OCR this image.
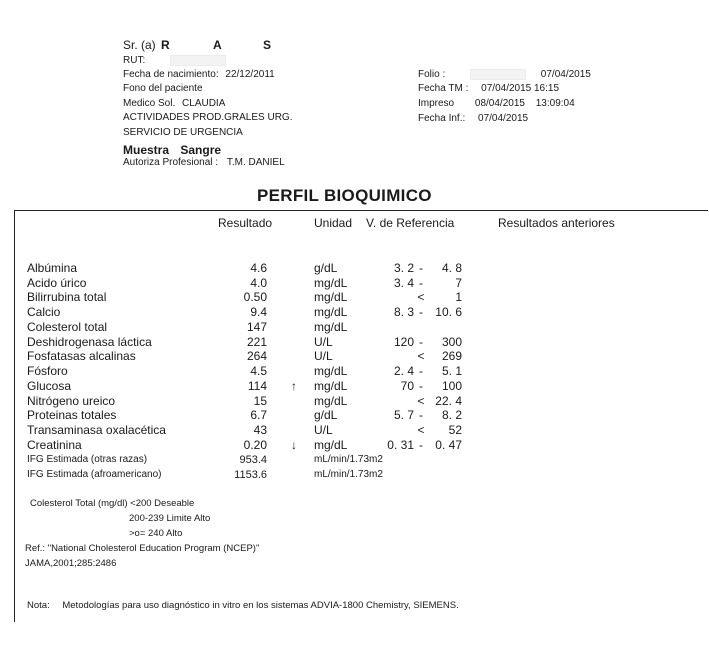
Sr. (a) R	A	S
RUT:
Fecha de nacimiento: 22/12/2011
Fono del paciente
Medico Sol. CLAUDIA
ACTIVIDADES PROD.GRALES URG.
SERVICIO DE URGENCIA
Muestra Sangre
Autoriza Profesional : T.M. DANIEL
Folio :	07/04/2015
Fecha TM : 07/04/2015 16:15
Impreso 08/04/2015 13:09:04
Fecha Inf.: 07/04/2015
PERFIL BIOQUIMICO
Resultado	Unidad V. de Referencia	Resultados anteriores
Albúmina	4.6	g/dL	3. 2 -	4. 8
Acido úrico	4.0	mg/dL	3. 4 -	7
Bilirrubina total	0.50	mg/dL	<	1
Calcio	9.4	mg/dL	8. 3 -	10. 6
Colesterol total	147	mg/dL
Deshidrogenasa láctica	221	U/L	120 -	300
Fosfatasas alcalinas	264	U/L	<	269
Fósforo	4.5	mg/dL	2. 4 -	5. 1
Glucosa	114	↑	mg/dL	70 -	100
Nitrógeno ureico	15	mg/dL	< 22. 4
Proteinas totales	6.7	g/dL	5. 7 -	8. 2
Transaminasa oxalacética	43	U/L	<	52
Creatinina	0.20	↓	mg/dL	0. 31 -	0. 47
IFG Estimada (otras razas)	953.4	mL/min/1.73m2
IFG Estimada (afroamericano)	1153.6	mL/min/1.73m2
Colesterol Total (mg/dl) <200 Deseable
200-239 Limite Alto
>o= 240 Alto
Ref.: "National Cholesterol Education Program (NCEP)"
JAMA,2001;285:2486
Nota: Metodologías para uso diagnóstico in vitro en los sistemas ADVIA-1800 Chemistry, SIEMENS.
